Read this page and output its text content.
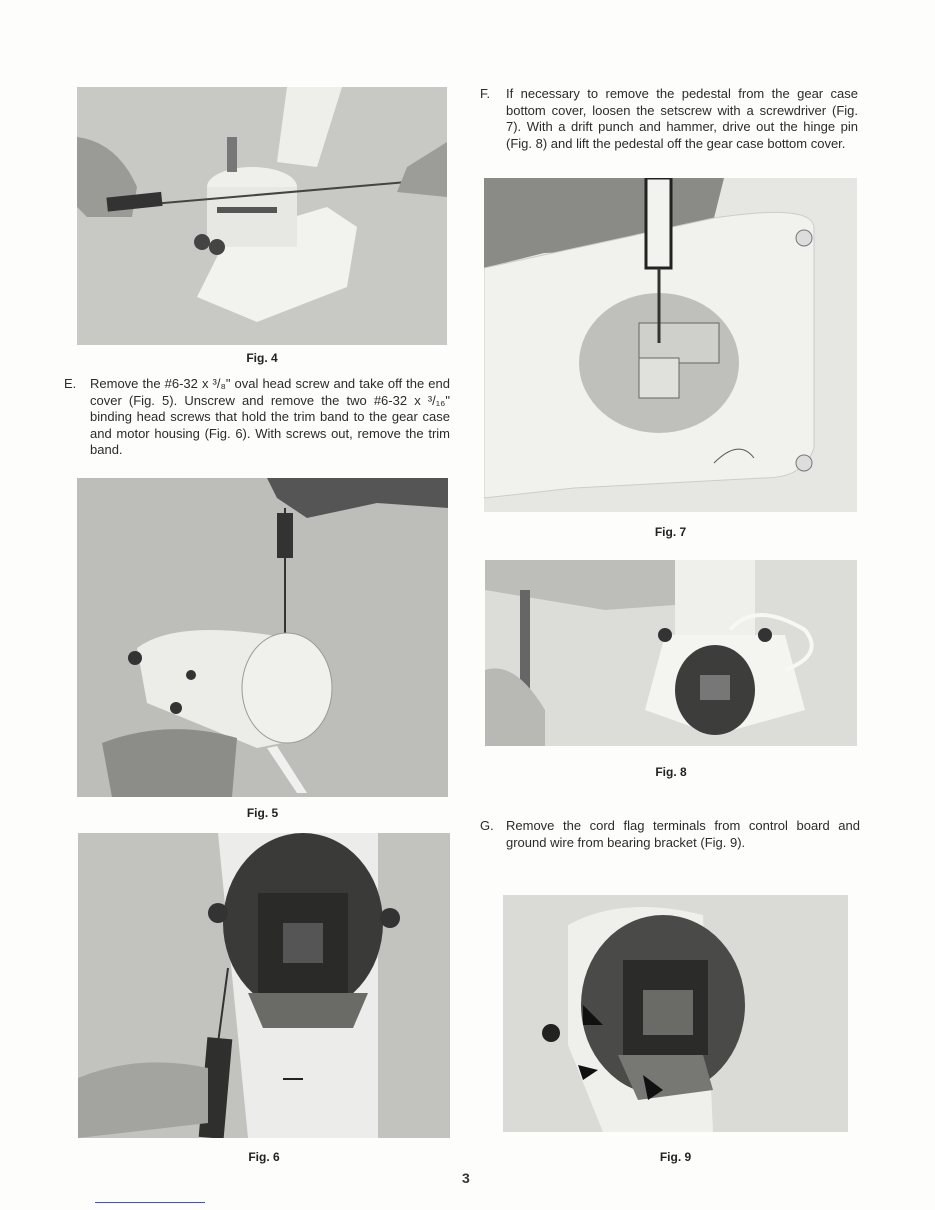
Fig. 4
E. Remove the #6-32 x ³/₈" oval head screw and take off the end cover (Fig. 5). Unscrew and remove the two #6-32 x ³/₁₆" binding head screws that hold the trim band to the gear case and motor housing (Fig. 6). With screws out, remove the trim band.
Fig. 5
Fig. 6
F. If necessary to remove the pedestal from the gear case bottom cover, loosen the setscrew with a screwdriver (Fig. 7). With a drift punch and hammer, drive out the hinge pin (Fig. 8) and lift the pedestal off the gear case bottom cover.
Fig. 7
Fig. 8
G. Remove the cord flag terminals from control board and ground wire from bearing bracket (Fig. 9).
Fig. 9
3
